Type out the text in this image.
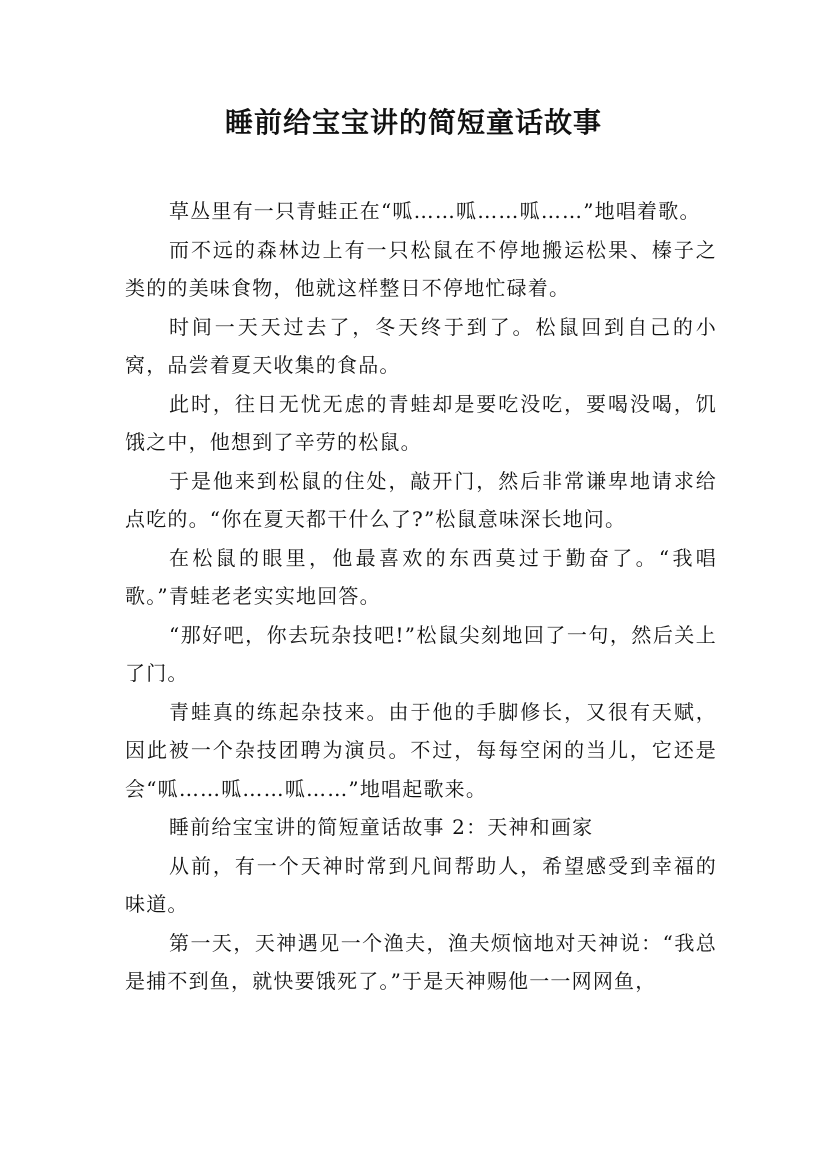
睡前给宝宝讲的简短童话故事

草丛里有一只青蛙正在“呱……呱……呱……”地唱着歌。

而不远的森林边上有一只松鼠在不停地搬运松果、榛子之类的的美味食物，他就这样整日不停地忙碌着。

时间一天天过去了，冬天终于到了。松鼠回到自己的小窝，品尝着夏天收集的食品。

此时，往日无忧无虑的青蛙却是要吃没吃，要喝没喝，饥饿之中，他想到了辛劳的松鼠。

于是他来到松鼠的住处，敲开门，然后非常谦卑地请求给点吃的。“你在夏天都干什么了?”松鼠意味深长地问。

在松鼠的眼里，他最喜欢的东西莫过于勤奋了。“我唱歌。”青蛙老老实实地回答。

“那好吧，你去玩杂技吧!”松鼠尖刻地回了一句，然后关上了门。

青蛙真的练起杂技来。由于他的手脚修长，又很有天赋，因此被一个杂技团聘为演员。不过，每每空闲的当儿，它还是会“呱……呱……呱……”地唱起歌来。

睡前给宝宝讲的简短童话故事 2：天神和画家

从前，有一个天神时常到凡间帮助人，希望感受到幸福的味道。

第一天，天神遇见一个渔夫，渔夫烦恼地对天神说：“我总是捕不到鱼，就快要饿死了。”于是天神赐他一一网网鱼，
